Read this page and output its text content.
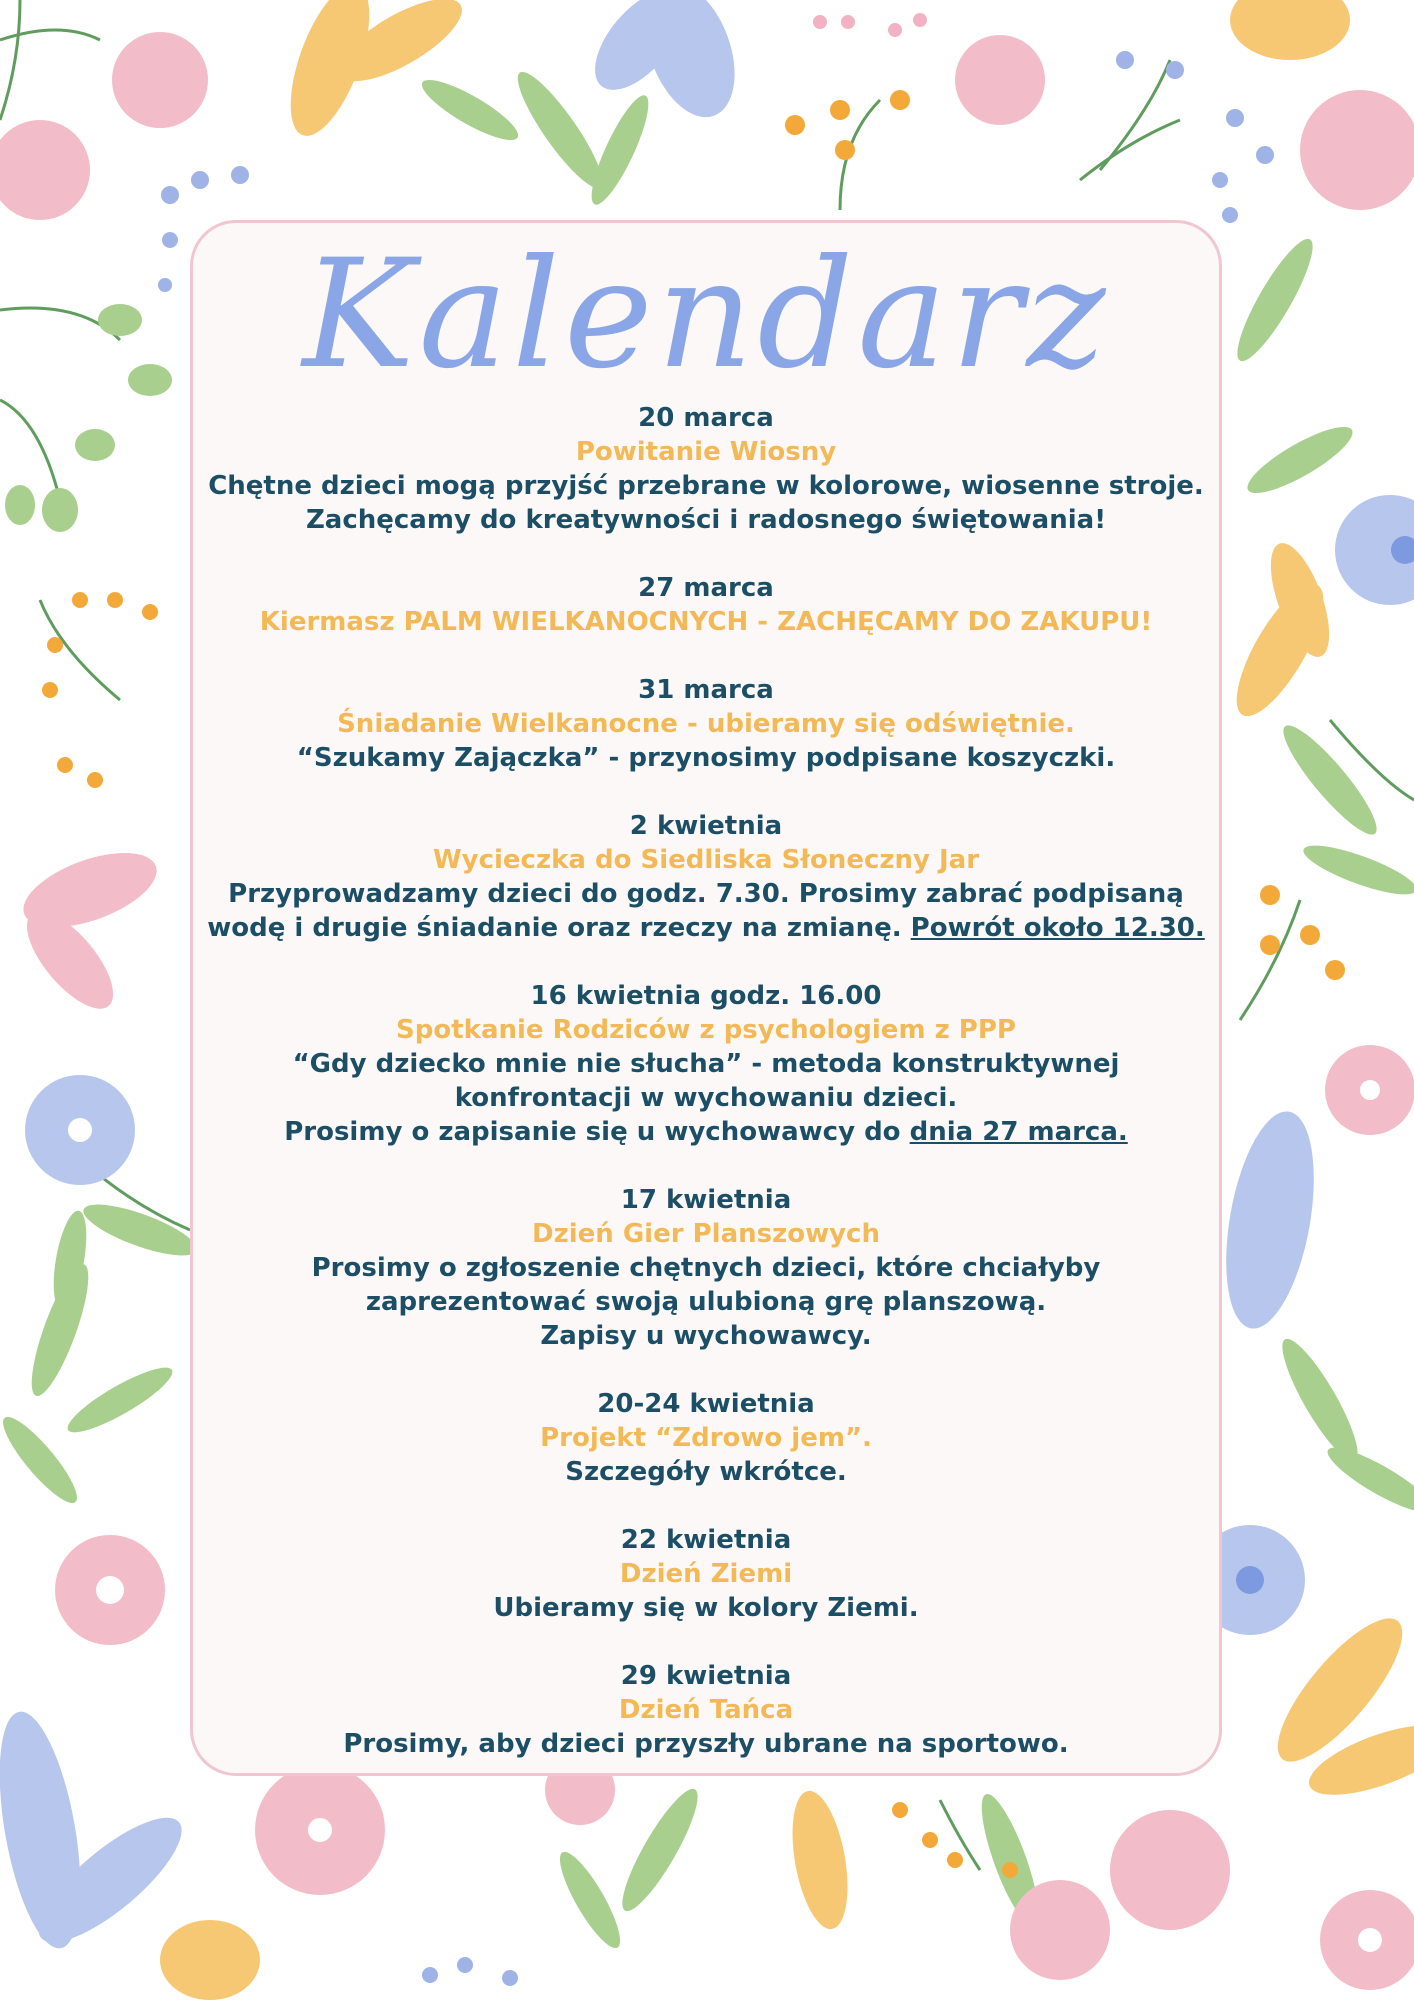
Kalendarz
20 marca
Powitanie Wiosny
Chętne dzieci mogą przyjść przebrane w kolorowe, wiosenne stroje.
Zachęcamy do kreatywności i radosnego świętowania!
27 marca
Kiermasz PALM WIELKANOCNYCH - ZACHĘCAMY DO ZAKUPU!
31 marca
Śniadanie Wielkanocne - ubieramy się odświętnie.
“Szukamy Zajączka” - przynosimy podpisane koszyczki.
2 kwietnia
Wycieczka do Siedliska Słoneczny Jar
Przyprowadzamy dzieci do godz. 7.30. Prosimy zabrać podpisaną
wodę i drugie śniadanie oraz rzeczy na zmianę. Powrót około 12.30.
16 kwietnia godz. 16.00
Spotkanie Rodziców z psychologiem z PPP
“Gdy dziecko mnie nie słucha” - metoda konstruktywnej
konfrontacji w wychowaniu dzieci.
Prosimy o zapisanie się u wychowawcy do dnia 27 marca.
17 kwietnia
Dzień Gier Planszowych
Prosimy o zgłoszenie chętnych dzieci, które chciałyby
zaprezentować swoją ulubioną grę planszową.
Zapisy u wychowawcy.
20-24 kwietnia
Projekt “Zdrowo jem”.
Szczegóły wkrótce.
22 kwietnia
Dzień Ziemi
Ubieramy się w kolory Ziemi.
29 kwietnia
Dzień Tańca
Prosimy, aby dzieci przyszły ubrane na sportowo.
